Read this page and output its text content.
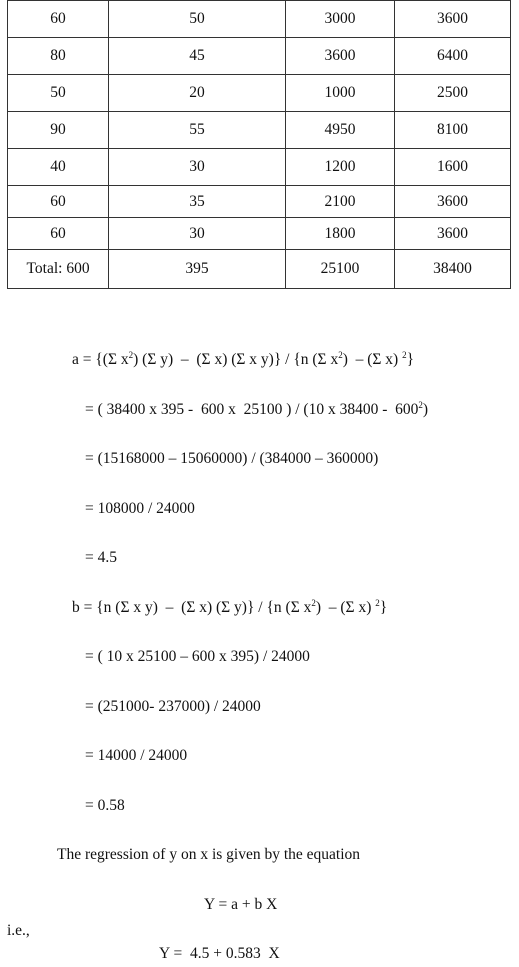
60	50	3000	3600
80	45	3600	6400
50	20	1000	2500
90	55	4950	8100
40	30	1200	1600
60	35	2100	3600
60	30	1800	3600
Total: 600	395	25100	38400
a = {(Σ $x^2$) (Σ y)  –  (Σ x) (Σ x y)} / {n (Σ $x^2) - (\Sigma$ x) $^2$}
= ( 38400 x 395 -  600 x  25100 ) / (10 x $38400 - 600^2$)
= (15168000 – 15060000) / (384000 – 360000)
= 108000 / 24000
= 4.5
b = {n (Σ x y)  –  (Σ x) (Σ y)} / {n (Σ $x^2) - (\Sigma$ x) $^2$}
= ( 10 x 25100 – 600 x 395) / 24000
= (251000- 237000) / 24000
= 14000 / 24000
= 0.58
The regression of y on x is given by the equation
Y = a + b X
i.e.,
Y =  4.5 + 0.583  X
